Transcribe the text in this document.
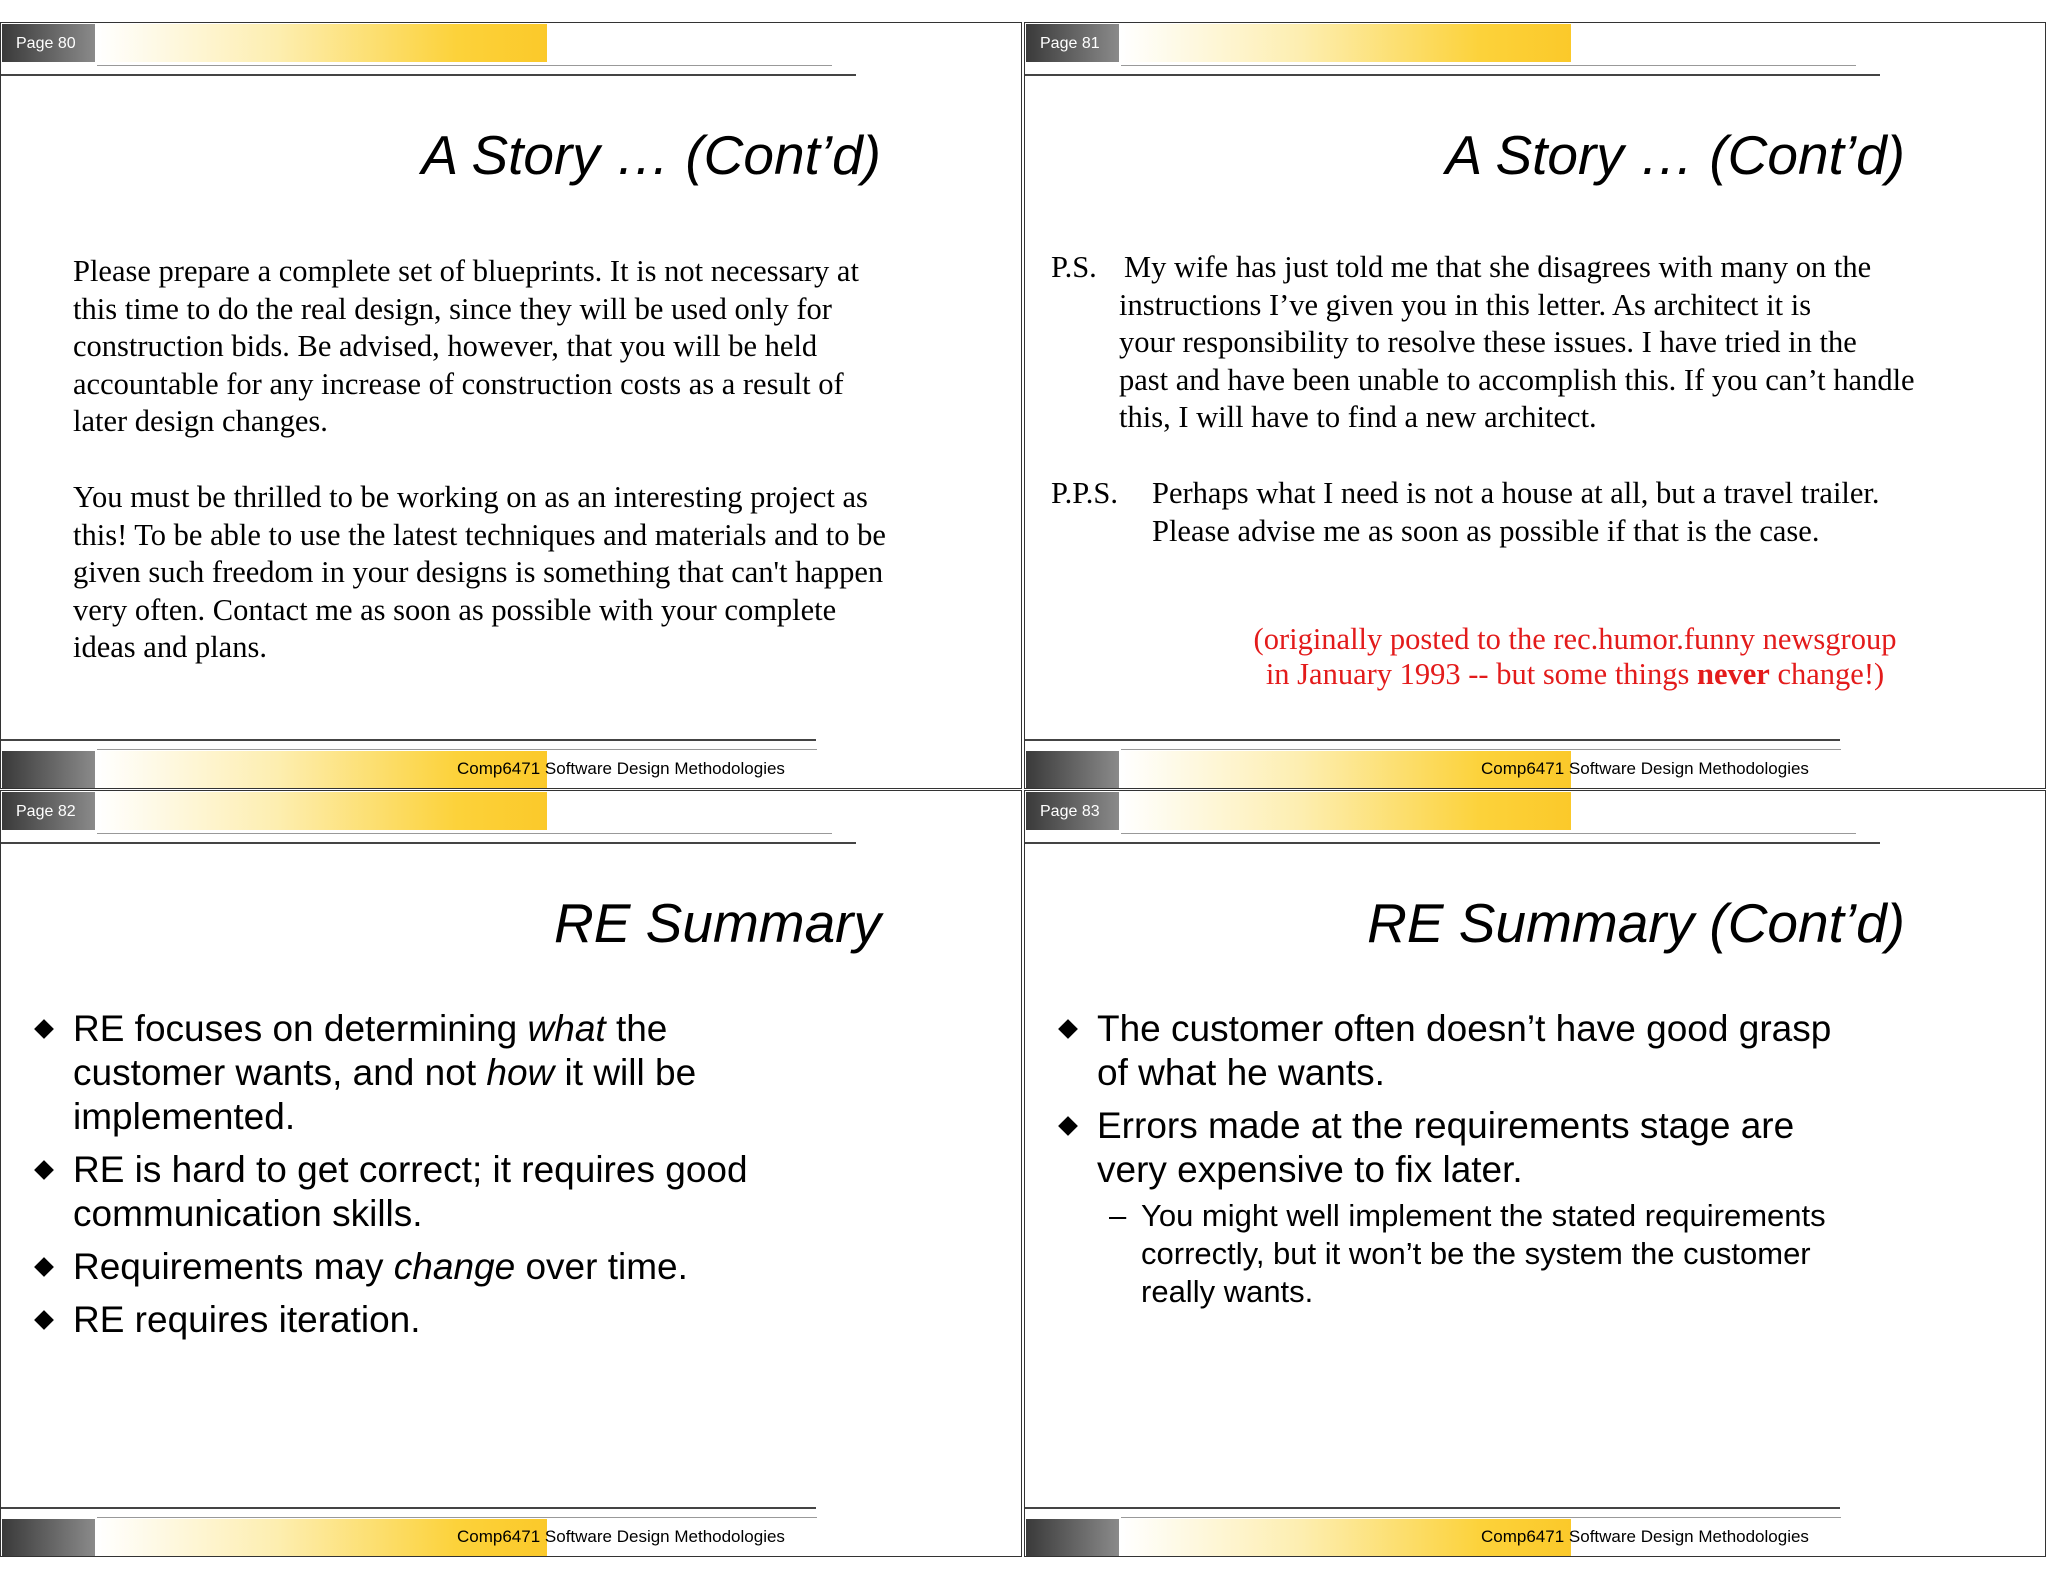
Page 80
A Story … (Cont’d)
Please prepare a complete set of blueprints. It is not necessary at
this time to do the real design, since they will be used only for
construction bids. Be advised, however, that you will be held
accountable for any increase of construction costs as a result of
later design changes.
You must be thrilled to be working on as an interesting project as
this! To be able to use the latest techniques and materials and to be
given such freedom in your designs is something that can't happen
very often. Contact me as soon as possible with your complete
ideas and plans.
Comp6471 Software Design Methodologies
Page 81
A Story … (Cont’d)
P.S. My wife has just told me that she disagrees with many on the
instructions I’ve given you in this letter. As architect it is
your responsibility to resolve these issues. I have tried in the
past and have been unable to accomplish this. If you can’t handle
this, I will have to find a new architect.
P.P.S. Perhaps what I need is not a house at all, but a travel trailer.
Please advise me as soon as possible if that is the case.
(originally posted to the rec.humor.funny newsgroup
in January 1993 -- but some things never change!)
Comp6471 Software Design Methodologies
Page 82
RE Summary
RE focuses on determining what the
customer wants, and not how it will be
implemented.
RE is hard to get correct; it requires good
communication skills.
Requirements may change over time.
RE requires iteration.
Comp6471 Software Design Methodologies
Page 83
RE Summary (Cont’d)
The customer often doesn’t have good grasp
of what he wants.
Errors made at the requirements stage are
very expensive to fix later.
– You might well implement the stated requirements
correctly, but it won’t be the system the customer
really wants.
Comp6471 Software Design Methodologies
